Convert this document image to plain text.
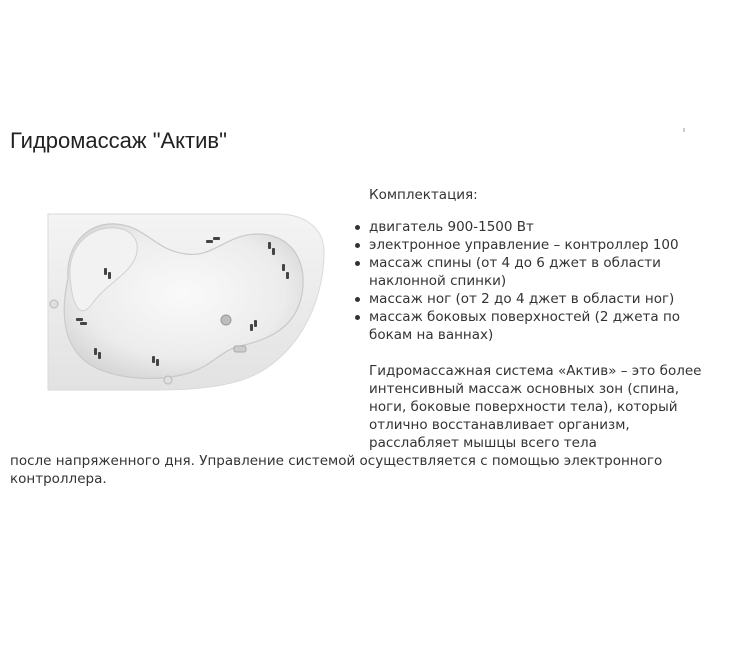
Гидромассаж "Актив"
Комплектация:
двигатель 900-1500 Вт
электронное управление – контроллер 100
массаж спины (от 4 до 6 джет в области наклонной спинки)
массаж ног (от 2 до 4 джет в области ног)
массаж боковых поверхностей (2 джета по бокам на ваннах)
Гидромассажная система «Актив» – это более интенсивный массаж основных зон (спина, ноги, боковые поверхности тела), который отлично восстанавливает организм, расслабляет мышцы всего тела
после напряженного дня. Управление системой осуществляется с помощью электронного контроллера.
